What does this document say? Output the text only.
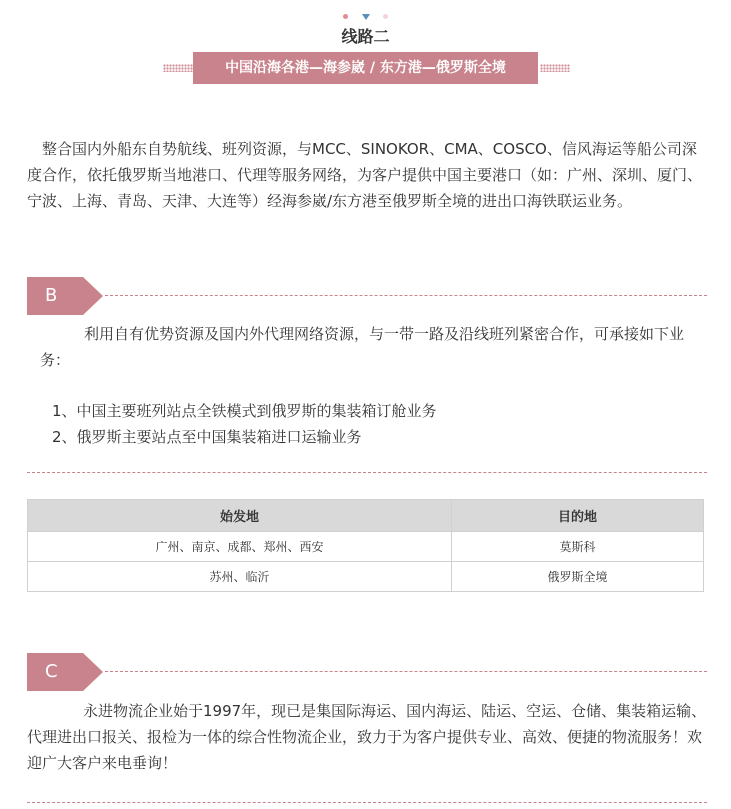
线路二
中国沿海各港—海参崴 / 东方港—俄罗斯全境

整合国内外船东自势航线、班列资源，与MCC、SINOKOR、CMA、COSCO、信风海运等船公司深度合作，依托俄罗斯当地港口、代理等服务网络，为客户提供中国主要港口（如：广州、深圳、厦门、宁波、上海、青岛、天津、大连等）经海参崴/东方港至俄罗斯全境的进出口海铁联运业务。

B

利用自有优势资源及国内外代理网络资源，与一带一路及沿线班列紧密合作，可承接如下业务：

1、中国主要班列站点全铁模式到俄罗斯的集装箱订舱业务
2、俄罗斯主要站点至中国集装箱进口运输业务
始发地	目的地
广州、南京、成都、郑州、西安	莫斯科
苏州、临沂	俄罗斯全境
C

永进物流企业始于1997年，现已是集国际海运、国内海运、陆运、空运、仓储、集装箱运输、代理进出口报关、报检为一体的综合性物流企业，致力于为客户提供专业、高效、便捷的物流服务！欢迎广大客户来电垂询！
